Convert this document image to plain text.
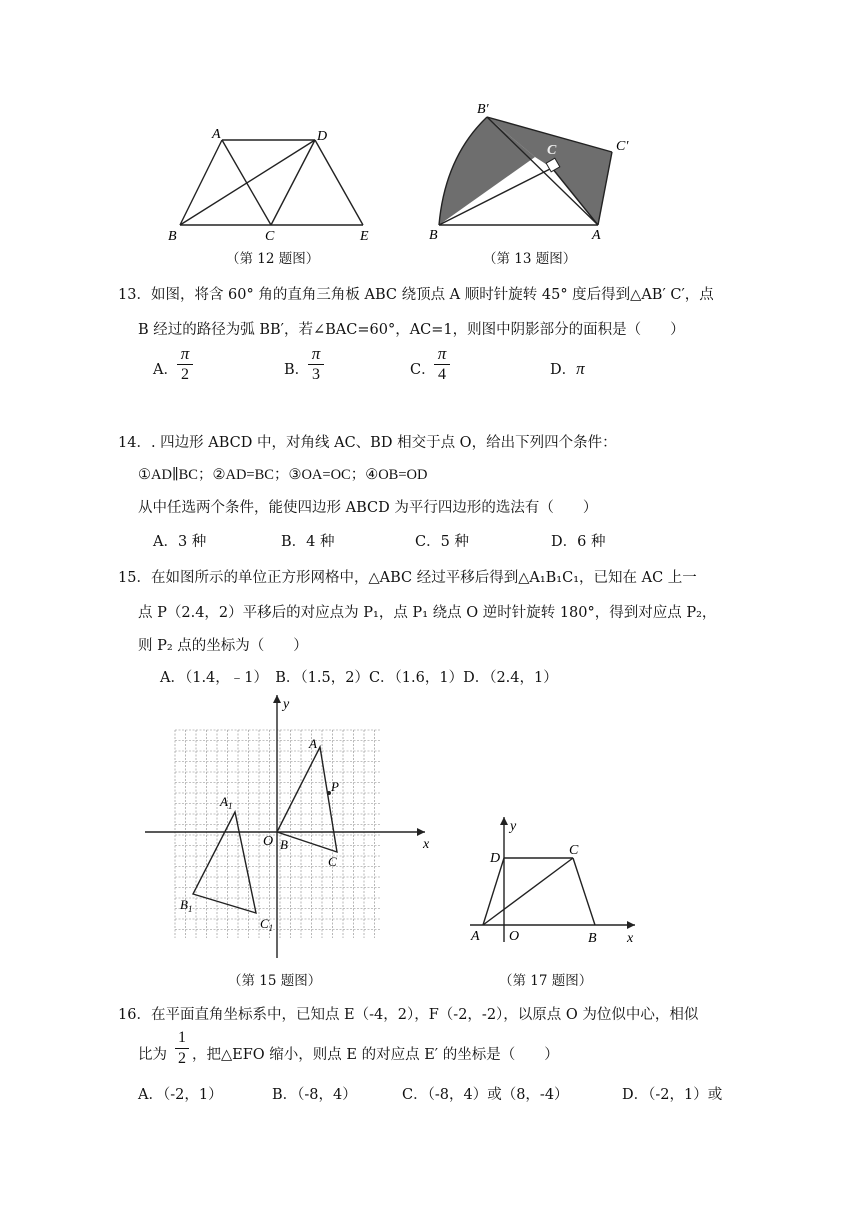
A	D
B	C	E
（第 12 题图）
B′
C	C′
B	A
（第 13 题图）
13．如图，将含 60° 角的直角三角板 ABC 绕顶点 A 顺时针旋转 45° 度后得到△AB′ C′，点
B 经过的路径为弧 BB′，若∠BAC=60°，AC=1，则图中阴影部分的面积是（　　）
A．
π
2	B．
π
3	C．
π
4	D．π
14．. 四边形 ABCD 中，对角线 AC、BD 相交于点 O，给出下列四个条件：
①AD∥BC；②AD=BC；③OA=OC；④OB=OD
从中任选两个条件，能使四边形 ABCD 为平行四边形的选法有（　　）
A．3 种	B．4 种	C．5 种	D．6 种
15．在如图所示的单位正方形网格中，△ABC 经过平移后得到△A₁B₁C₁，已知在 AC 上一
点 P（2.4，2）平移后的对应点为 P₁，点 P₁ 绕点 O 逆时针旋转 180°，得到对应点 P₂，
则 P₂ 点的坐标为（　　）
A．（1.4，﹣1）　B．（1.5，2）C．（1.6，1）D．（2.4，1）
y
x
A
P
$A_1$
O B
C
$B_1$
$C_1$
（第 15 题图）
y
x
D
C
A O	B
（第 17 题图）
16．在平面直角坐标系中，已知点 E（-4，2），F（-2，-2），以原点 O 为位似中心，相似
比为
1
2 ，把△EFO 缩小，则点 E 的对应点 E′ 的坐标是（　　）
A．（-2，1）	B．（-8，4）	C．（-8，4）或（8，-4）	D．（-2，1）或
